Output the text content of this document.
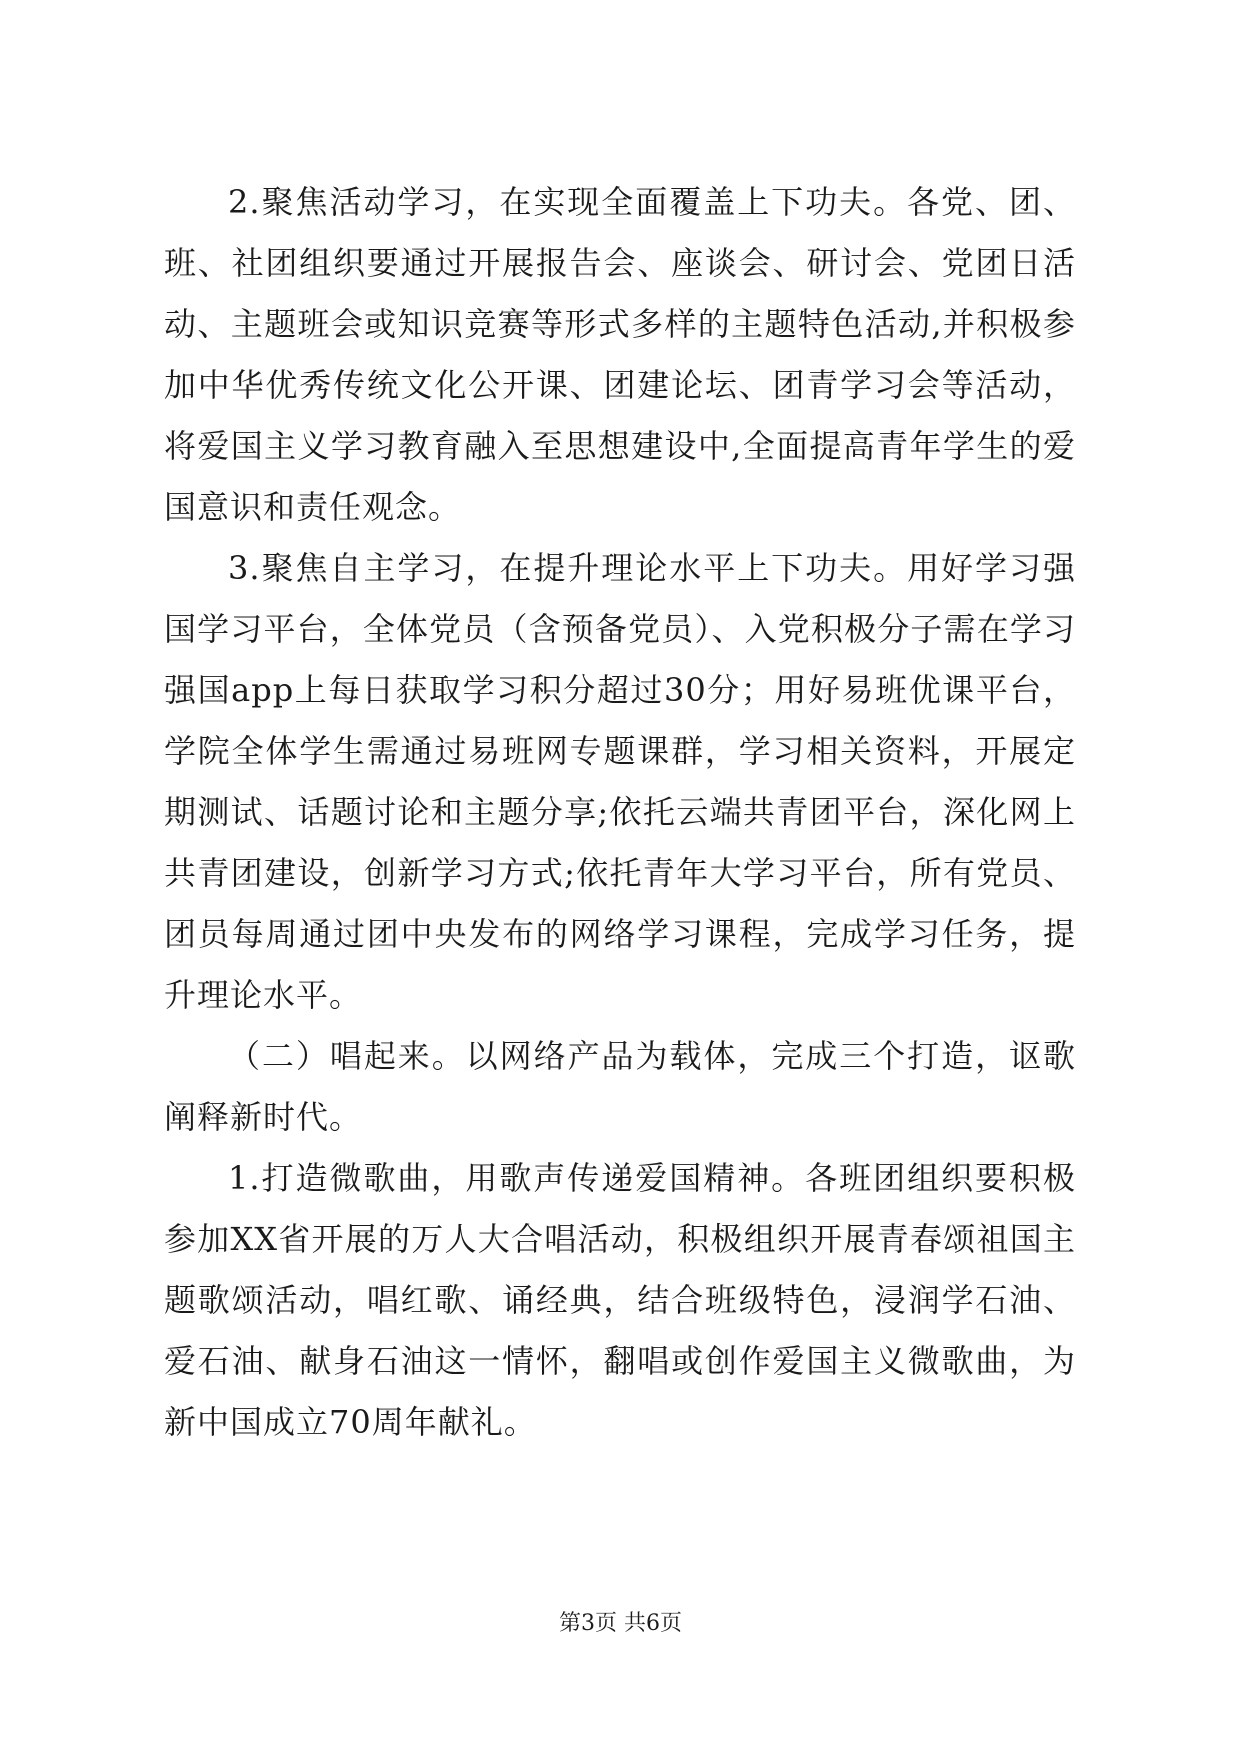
2.聚焦活动学习，在实现全面覆盖上下功夫。各党、团、班、社团组织要通过开展报告会、座谈会、研讨会、党团日活动、主题班会或知识竞赛等形式多样的主题特色活动,并积极参加中华优秀传统文化公开课、团建论坛、团青学习会等活动，将爱国主义学习教育融入至思想建设中,全面提高青年学生的爱国意识和责任观念。

3.聚焦自主学习，在提升理论水平上下功夫。用好学习强国学习平台，全体党员（含预备党员）、入党积极分子需在学习强国app上每日获取学习积分超过30分；用好易班优课平台，学院全体学生需通过易班网专题课群，学习相关资料，开展定期测试、话题讨论和主题分享;依托云端共青团平台，深化网上共青团建设，创新学习方式;依托青年大学习平台，所有党员、团员每周通过团中央发布的网络学习课程，完成学习任务，提升理论水平。

（二）唱起来。以网络产品为载体，完成三个打造，讴歌阐释新时代。

1.打造微歌曲，用歌声传递爱国精神。各班团组织要积极参加XX省开展的万人大合唱活动，积极组织开展青春颂祖国主题歌颂活动，唱红歌、诵经典，结合班级特色，浸润学石油、爱石油、献身石油这一情怀，翻唱或创作爱国主义微歌曲，为新中国成立70周年献礼。

第3页 共6页
